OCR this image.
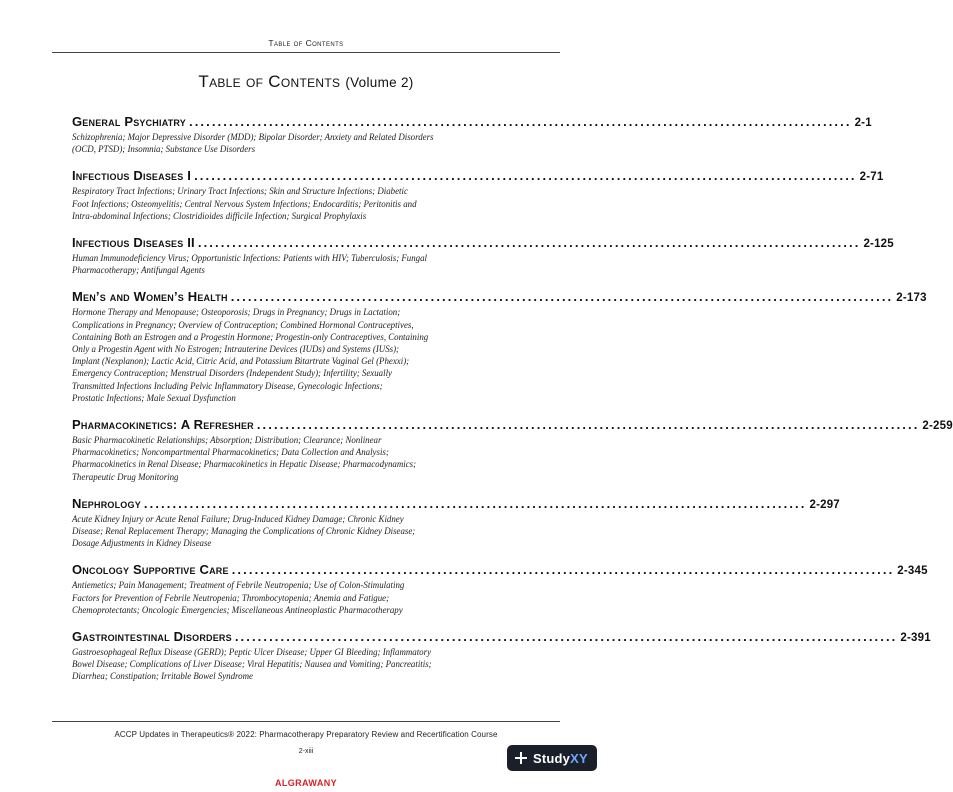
Table of Contents
Table of Contents (Volume 2)
General Psychiatry .................................................................................................................... 2-1
Schizophrenia; Major Depressive Disorder (MDD); Bipolar Disorder; Anxiety and Related Disorders
(OCD, PTSD); Insomnia; Substance Use Disorders
Infectious Diseases I .................................................................................................................... 2-71
Respiratory Tract Infections; Urinary Tract Infections; Skin and Structure Infections; Diabetic
Foot Infections; Osteomyelitis; Central Nervous System Infections; Endocarditis; Peritonitis and
Intra-abdominal Infections; Clostridioides difficile Infection; Surgical Prophylaxis
Infectious Diseases II .................................................................................................................... 2-125
Human Immunodeficiency Virus; Opportunistic Infections: Patients with HIV; Tuberculosis; Fungal
Pharmacotherapy; Antifungal Agents
Men’s and Women’s Health .................................................................................................................... 2-173
Hormone Therapy and Menopause; Osteoporosis; Drugs in Pregnancy; Drugs in Lactation;
Complications in Pregnancy; Overview of Contraception; Combined Hormonal Contraceptives,
Containing Both an Estrogen and a Progestin Hormone; Progestin-only Contraceptives, Containing
Only a Progestin Agent with No Estrogen; Intrauterine Devices (IUDs) and Systems (IUSs);
Implant (Nexplanon); Lactic Acid, Citric Acid, and Potassium Bitartrate Vaginal Gel (Phexxi);
Emergency Contraception; Menstrual Disorders (Independent Study); Infertility; Sexually
Transmitted Infections Including Pelvic Inflammatory Disease, Gynecologic Infections;
Prostatic Infections; Male Sexual Dysfunction
Pharmacokinetics: A Refresher .................................................................................................................... 2-259
Basic Pharmacokinetic Relationships; Absorption; Distribution; Clearance; Nonlinear
Pharmacokinetics; Noncompartmental Pharmacokinetics; Data Collection and Analysis;
Pharmacokinetics in Renal Disease; Pharmacokinetics in Hepatic Disease; Pharmacodynamics;
Therapeutic Drug Monitoring
Nephrology .................................................................................................................... 2-297
Acute Kidney Injury or Acute Renal Failure; Drug-Induced Kidney Damage; Chronic Kidney
Disease; Renal Replacement Therapy; Managing the Complications of Chronic Kidney Disease;
Dosage Adjustments in Kidney Disease
Oncology Supportive Care .................................................................................................................... 2-345
Antiemetics; Pain Management; Treatment of Febrile Neutropenia; Use of Colon-Stimulating
Factors for Prevention of Febrile Neutropenia; Thrombocytopenia; Anemia and Fatigue;
Chemoprotectants; Oncologic Emergencies; Miscellaneous Antineoplastic Pharmacotherapy
Gastrointestinal Disorders .................................................................................................................... 2-391
Gastroesophageal Reflux Disease (GERD); Peptic Ulcer Disease; Upper GI Bleeding; Inflammatory
Bowel Disease; Complications of Liver Disease; Viral Hepatitis; Nausea and Vomiting; Pancreatitis;
Diarrhea; Constipation; Irritable Bowel Syndrome
ACCP Updates in Therapeutics® 2022: Pharmacotherapy Preparatory Review and Recertification Course
2-xiii
ALGRAWANY
StudyXY
